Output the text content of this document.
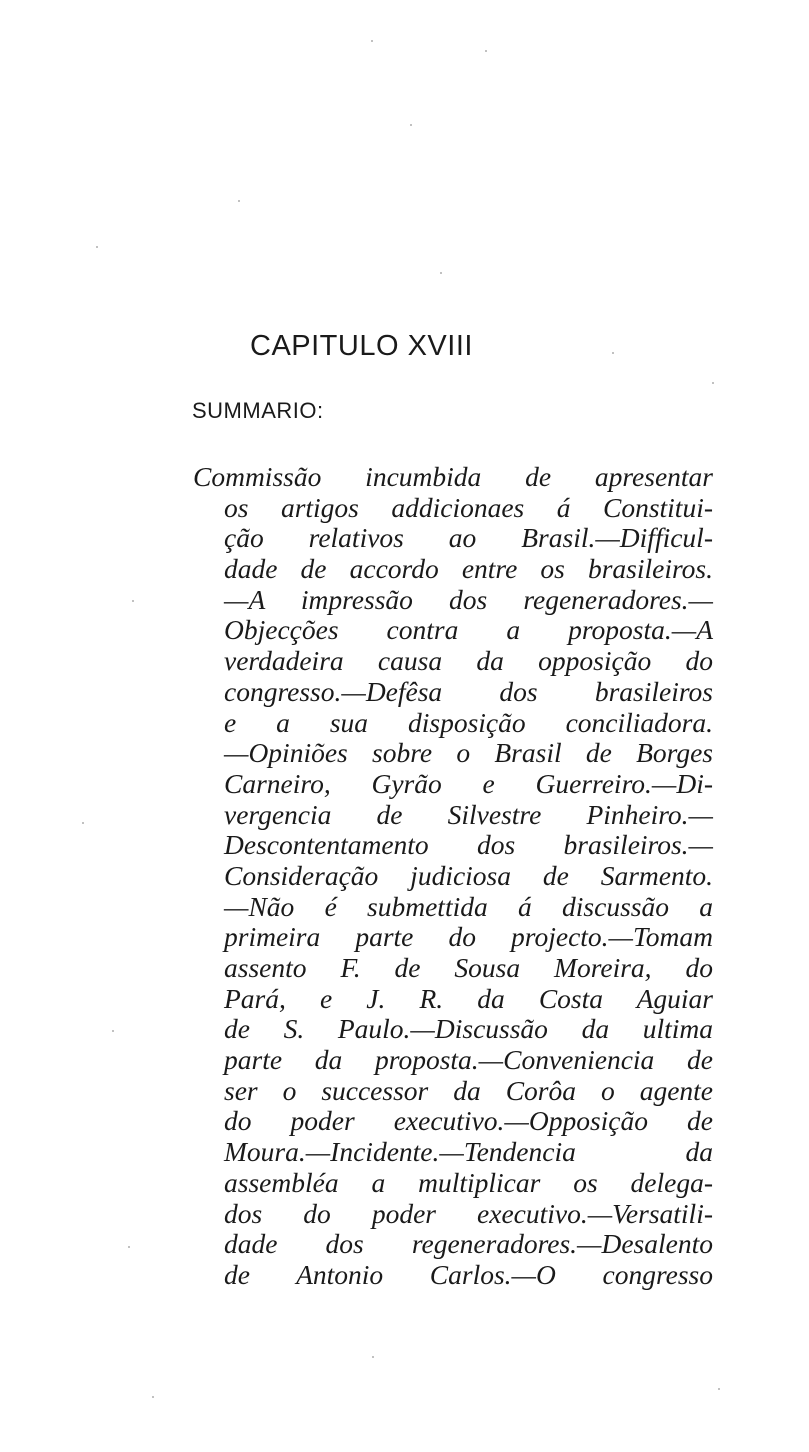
CAPITULO XVIII
SUMMARIO:
Commissão incumbida de apresentar
os artigos addicionaes á Constitui-
ção relativos ao Brasil.—Difficul-
dade de accordo entre os brasileiros.
—A impressão dos regeneradores.—
Objecções contra a proposta.—A
verdadeira causa da opposição do
congresso.—Defêsa dos brasileiros
e a sua disposição conciliadora.
—Opiniões sobre o Brasil de Borges
Carneiro, Gyrão e Guerreiro.—Di-
vergencia de Silvestre Pinheiro.—
Descontentamento dos brasileiros.—
Consideração judiciosa de Sarmento.
—Não é submettida á discussão a
primeira parte do projecto.—Tomam
assento F. de Sousa Moreira, do
Pará, e J. R. da Costa Aguiar
de S. Paulo.—Discussão da ultima
parte da proposta.—Conveniencia de
ser o successor da Corôa o agente
do poder executivo.—Opposição de
Moura.—Incidente.—Tendencia da
assembléa a multiplicar os delega-
dos do poder executivo.—Versatili-
dade dos regeneradores.—Desalento
de Antonio Carlos.—O congresso
